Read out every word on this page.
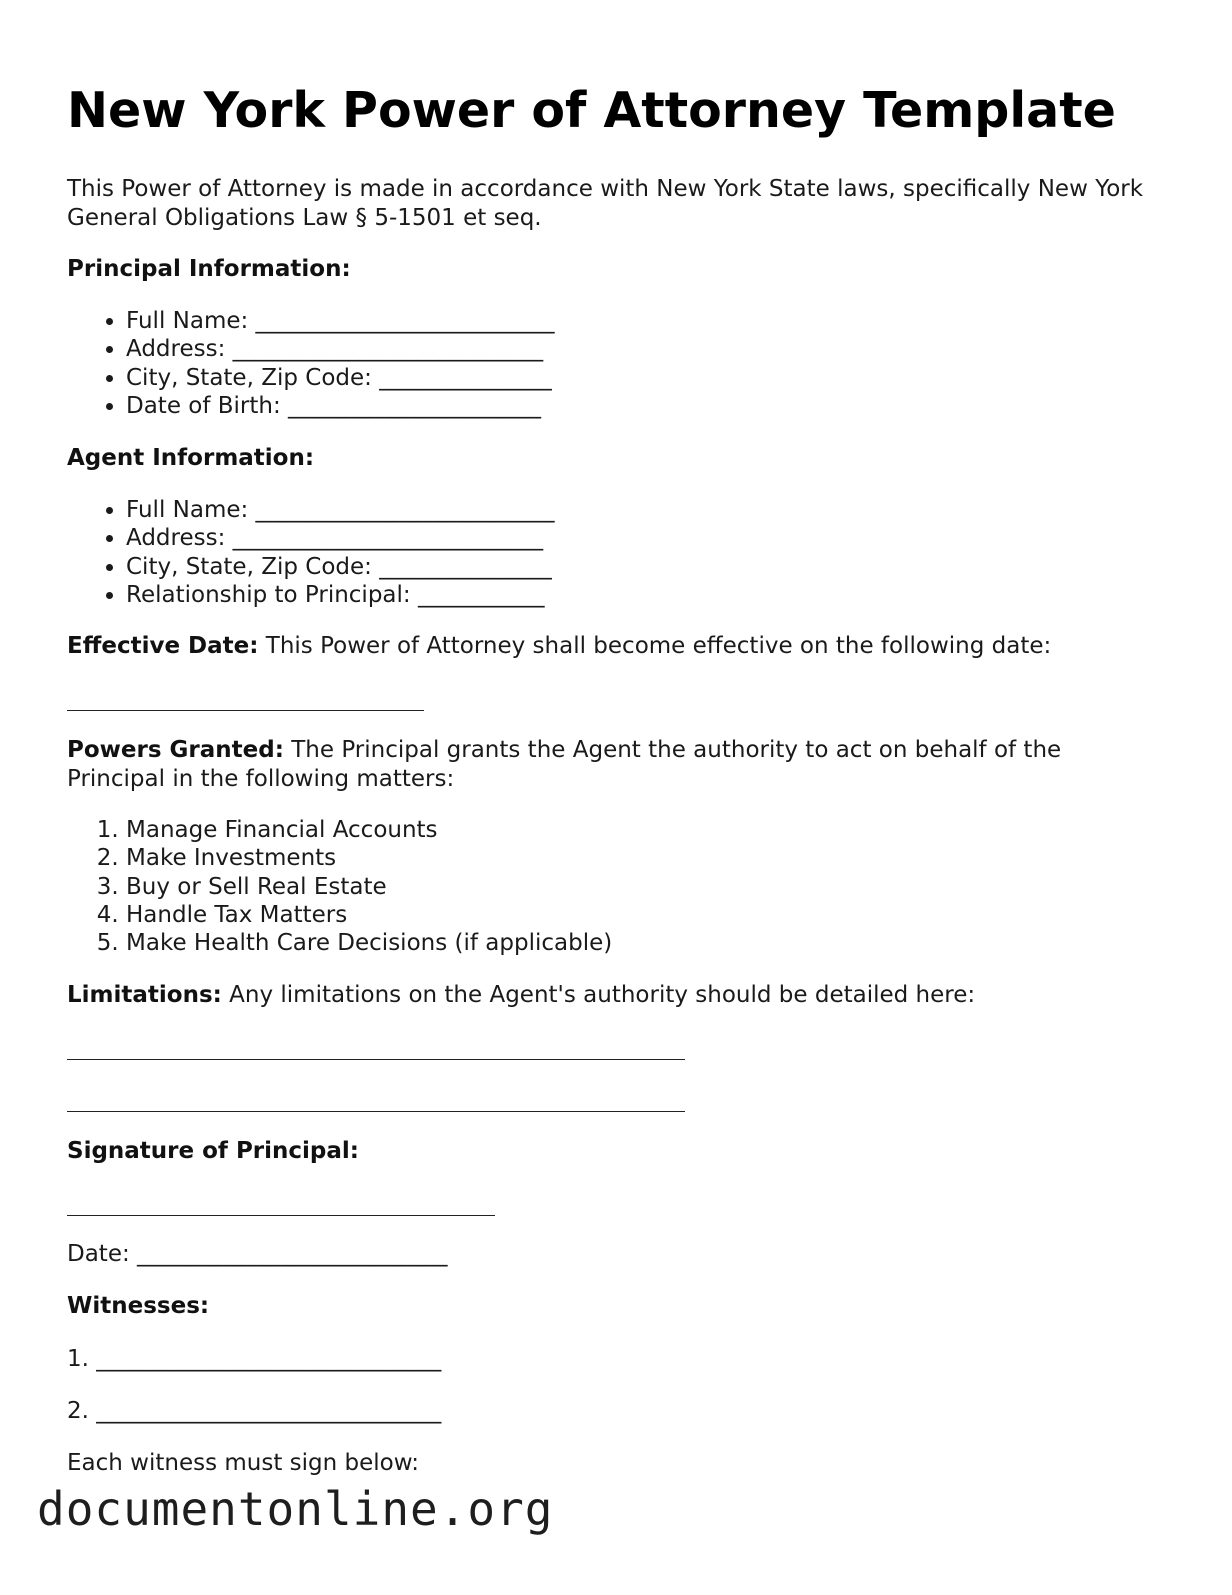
New York Power of Attorney Template
This Power of Attorney is made in accordance with New York State laws, specifically New York General Obligations Law § 5-1501 et seq.
Principal Information:
• Full Name: __________________________
• Address: ___________________________
• City, State, Zip Code: _______________
• Date of Birth: ______________________
Agent Information:
• Full Name: __________________________
• Address: ___________________________
• City, State, Zip Code: _______________
• Relationship to Principal: ___________
Effective Date: This Power of Attorney shall become effective on the following date:
Powers Granted: The Principal grants the Agent the authority to act on behalf of the Principal in the following matters:
1. Manage Financial Accounts
2. Make Investments
3. Buy or Sell Real Estate
4. Handle Tax Matters
5. Make Health Care Decisions (if applicable)
Limitations: Any limitations on the Agent's authority should be detailed here:
Signature of Principal:
Date: ___________________________
Witnesses:
1. ______________________________
2. ______________________________
Each witness must sign below:
documentonline.org
